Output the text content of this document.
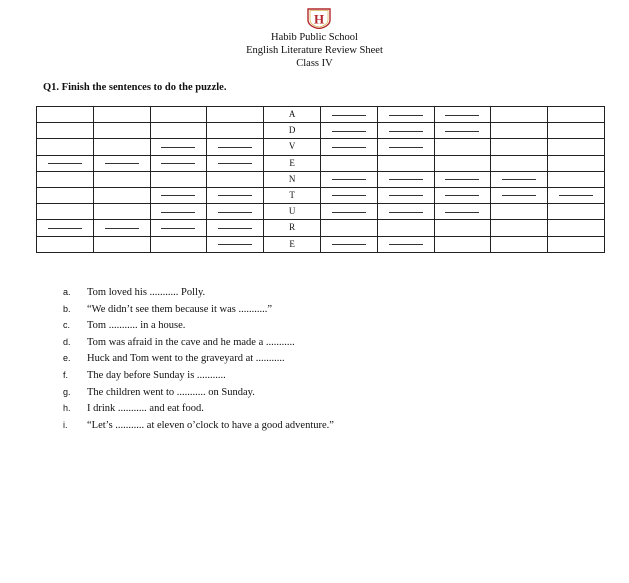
H
Habib Public School
English Literature Review Sheet
Class IV
Q1. Finish the sentences to do the puzzle.
				A					
				D					
				V					
				E					
				N					
				T					
				U					
				R					
				E					
a. Tom loved his ........... Polly.
b. “We didn’t see them because it was ...........”
c. Tom ........... in a house.
d. Tom was afraid in the cave and he made a ...........
e. Huck and Tom went to the graveyard at ...........
f. The day before Sunday is ...........
g. The children went to ........... on Sunday.
h. I drink ........... and eat food.
i. “Let’s ........... at eleven o’clock to have a good adventure.”
